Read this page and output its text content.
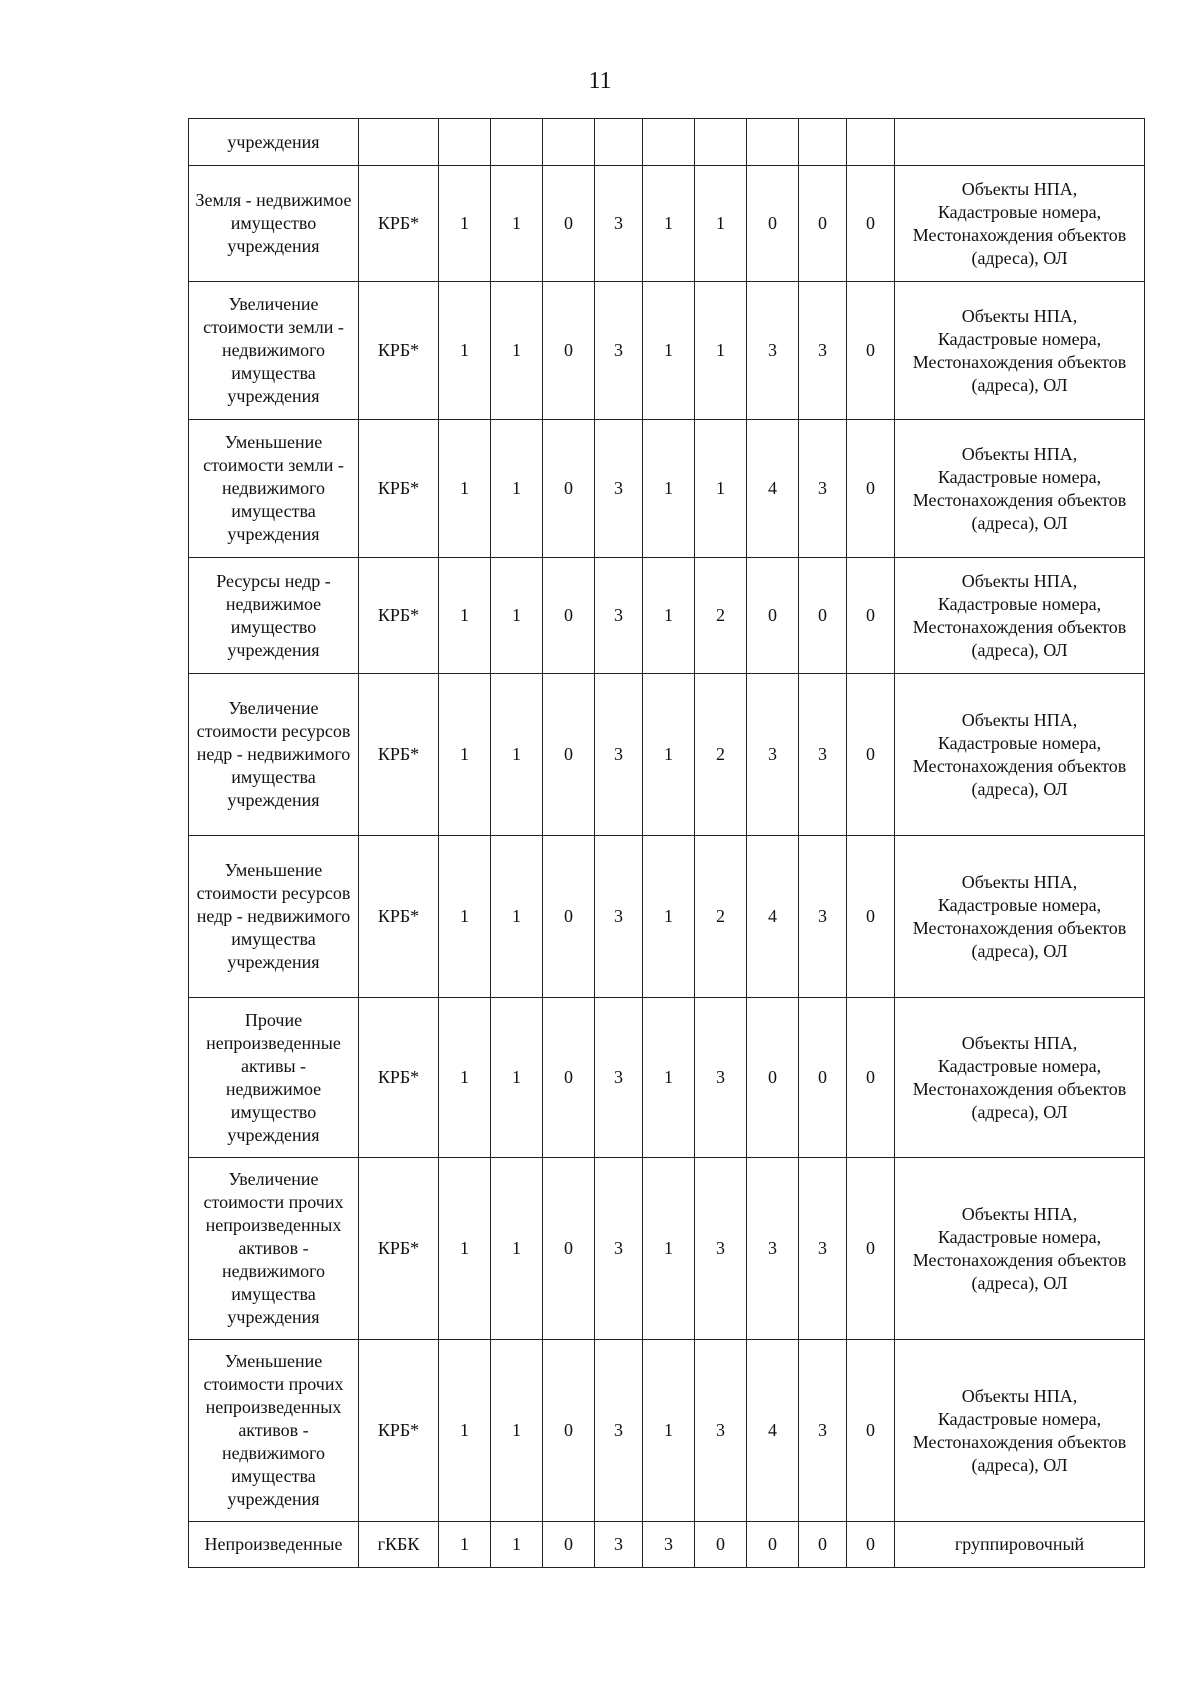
11
учреждения											

Земля - недвижимое имущество учреждения	КРБ*	1	1	0	3	1	1	0	0	0	Объекты НПА,
Кадастровые номера,
Местонахождения объектов
(адреса), ОЛ

Увеличение стоимости земли - недвижимого имущества учреждения	КРБ*	1	1	0	3	1	1	3	3	0	Объекты НПА,
Кадастровые номера,
Местонахождения объектов
(адреса), ОЛ

Уменьшение стоимости земли - недвижимого имущества учреждения	КРБ*	1	1	0	3	1	1	4	3	0	Объекты НПА,
Кадастровые номера,
Местонахождения объектов
(адреса), ОЛ

Ресурсы недр - недвижимое имущество учреждения	КРБ*	1	1	0	3	1	2	0	0	0	Объекты НПА,
Кадастровые номера,
Местонахождения объектов
(адреса), ОЛ

Увеличение стоимости ресурсов недр - недвижимого имущества учреждения	КРБ*	1	1	0	3	1	2	3	3	0	Объекты НПА,
Кадастровые номера,
Местонахождения объектов
(адреса), ОЛ

Уменьшение стоимости ресурсов недр - недвижимого имущества учреждения	КРБ*	1	1	0	3	1	2	4	3	0	Объекты НПА,
Кадастровые номера,
Местонахождения объектов
(адреса), ОЛ

Прочие непроизведенные активы - недвижимое имущество учреждения	КРБ*	1	1	0	3	1	3	0	0	0	Объекты НПА,
Кадастровые номера,
Местонахождения объектов
(адреса), ОЛ

Увеличение стоимости прочих непроизведенных активов - недвижимого имущества учреждения	КРБ*	1	1	0	3	1	3	3	3	0	Объекты НПА,
Кадастровые номера,
Местонахождения объектов
(адреса), ОЛ

Уменьшение стоимости прочих непроизведенных активов - недвижимого имущества учреждения	КРБ*	1	1	0	3	1	3	4	3	0	Объекты НПА,
Кадастровые номера,
Местонахождения объектов
(адреса), ОЛ

Непроизведенные	гКБК	1	1	0	3	3	0	0	0	0	группировочный
